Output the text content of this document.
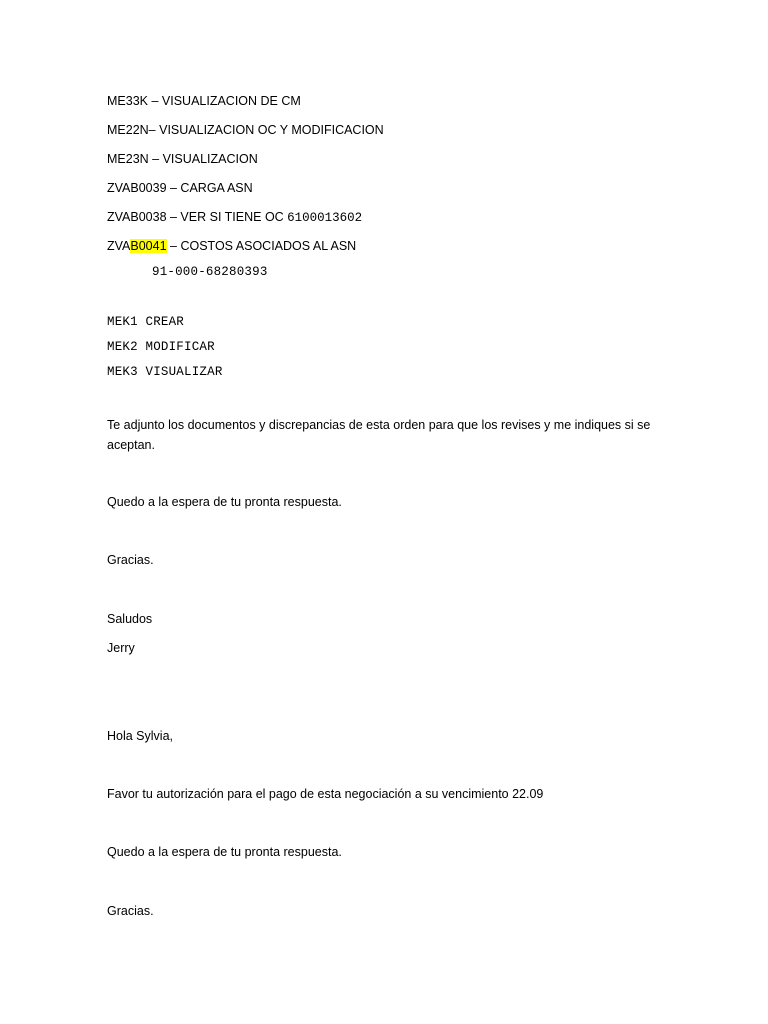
ME33K – VISUALIZACION DE CM
ME22N– VISUALIZACION OC Y MODIFICACION
ME23N – VISUALIZACION
ZVAB0039 – CARGA ASN
ZVAB0038 – VER SI TIENE OC 6100013602
ZVAB0041 – COSTOS ASOCIADOS AL ASN
91-000-68280393
MEK1 CREAR
MEK2 MODIFICAR
MEK3 VISUALIZAR
Te adjunto los documentos y discrepancias de esta orden para que los revises y me indiques si se aceptan.
Quedo a la espera de tu pronta respuesta.
Gracias.
Saludos
Jerry
Hola Sylvia,
Favor tu autorización para el pago de esta negociación a su vencimiento 22.09
Quedo a la espera de tu pronta respuesta.
Gracias.
